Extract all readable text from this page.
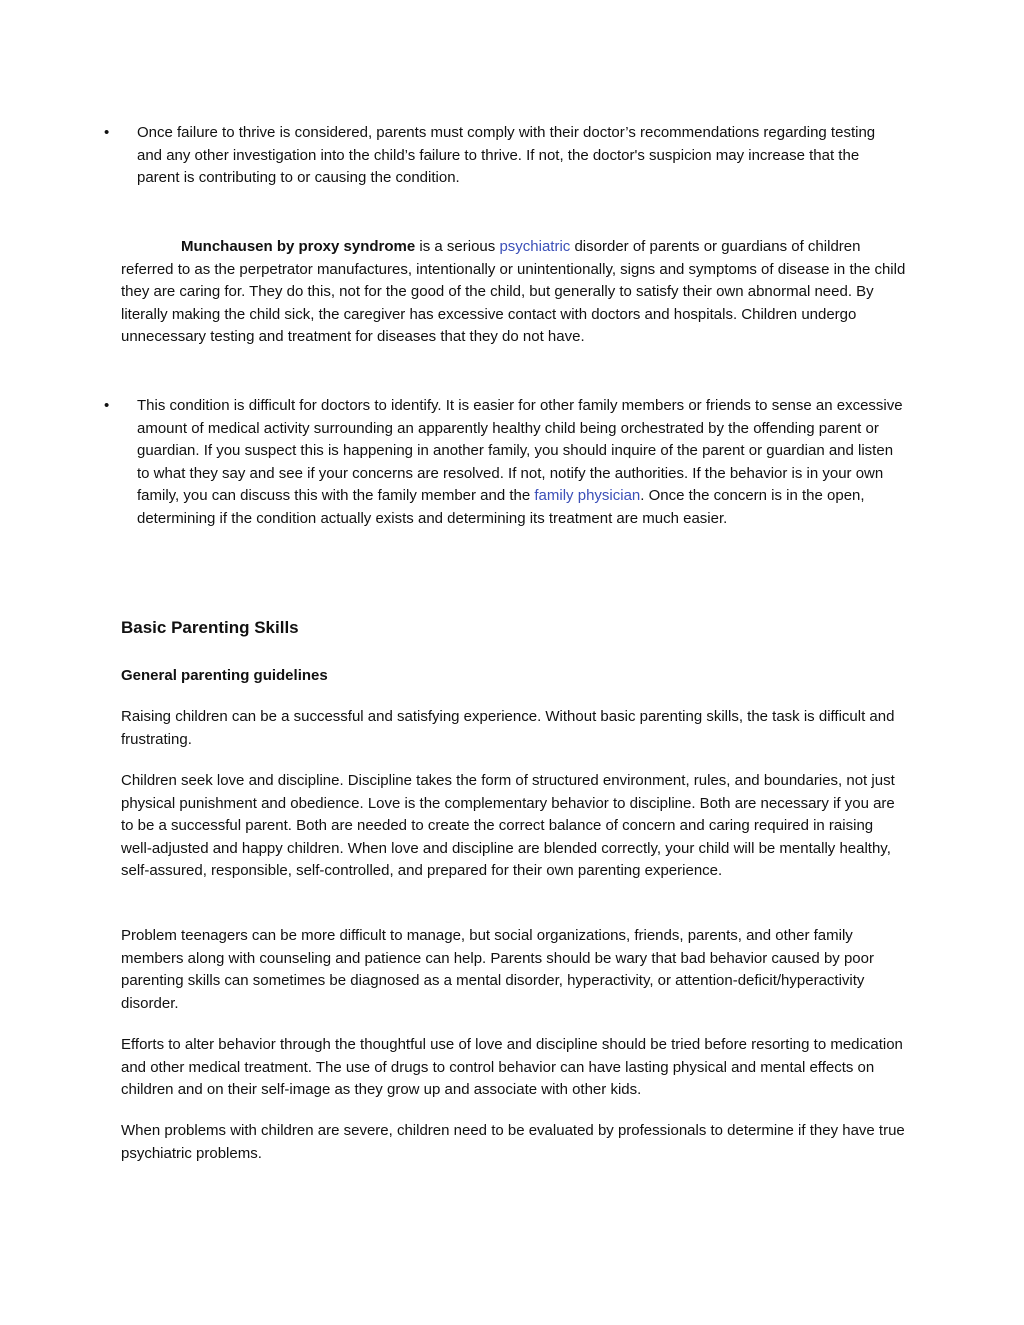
• Once failure to thrive is considered, parents must comply with their doctor’s recommendations regarding testing and any other investigation into the child’s failure to thrive. If not, the doctor's suspicion may increase that the parent is contributing to or causing the condition.

Munchausen by proxy syndrome is a serious psychiatric disorder of parents or guardians of children referred to as the perpetrator manufactures, intentionally or unintentionally, signs and symptoms of disease in the child they are caring for. They do this, not for the good of the child, but generally to satisfy their own abnormal need. By literally making the child sick, the caregiver has excessive contact with doctors and hospitals. Children undergo unnecessary testing and treatment for diseases that they do not have.

• This condition is difficult for doctors to identify. It is easier for other family members or friends to sense an excessive amount of medical activity surrounding an apparently healthy child being orchestrated by the offending parent or guardian. If you suspect this is happening in another family, you should inquire of the parent or guardian and listen to what they say and see if your concerns are resolved. If not, notify the authorities. If the behavior is in your own family, you can discuss this with the family member and the family physician. Once the concern is in the open, determining if the condition actually exists and determining its treatment are much easier.
Basic Parenting Skills
General parenting guidelines

Raising children can be a successful and satisfying experience. Without basic parenting skills, the task is difficult and frustrating.

Children seek love and discipline. Discipline takes the form of structured environment, rules, and boundaries, not just physical punishment and obedience. Love is the complementary behavior to discipline. Both are necessary if you are to be a successful parent. Both are needed to create the correct balance of concern and caring required in raising well-adjusted and happy children. When love and discipline are blended correctly, your child will be mentally healthy, self-assured, responsible, self-controlled, and prepared for their own parenting experience.

Problem teenagers can be more difficult to manage, but social organizations, friends, parents, and other family members along with counseling and patience can help. Parents should be wary that bad behavior caused by poor parenting skills can sometimes be diagnosed as a mental disorder, hyperactivity, or attention-deficit/hyperactivity disorder.

Efforts to alter behavior through the thoughtful use of love and discipline should be tried before resorting to medication and other medical treatment. The use of drugs to control behavior can have lasting physical and mental effects on children and on their self-image as they grow up and associate with other kids.

When problems with children are severe, children need to be evaluated by professionals to determine if they have true psychiatric problems.
